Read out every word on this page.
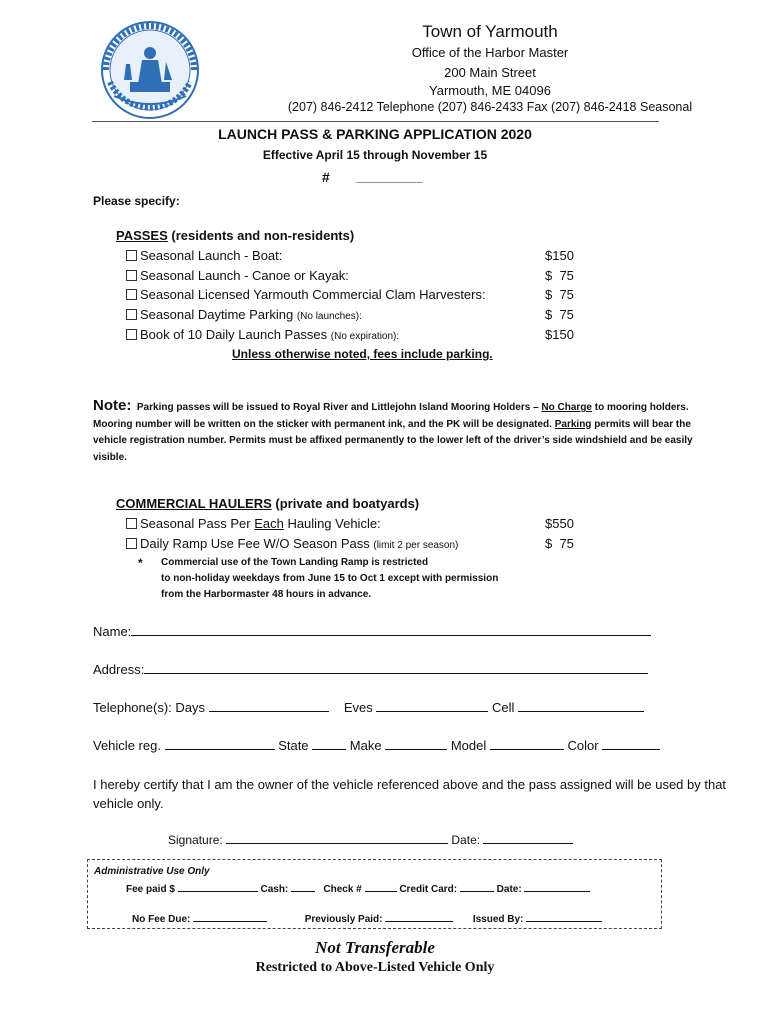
Town of Yarmouth
Office of the Harbor Master
200 Main Street
Yarmouth, ME 04096
(207) 846-2412 Telephone (207) 846-2433 Fax (207) 846-2418 Seasonal
LAUNCH PASS & PARKING APPLICATION 2020
Effective April 15 through November 15
# __________
Please specify:
PASSES (residents and non-residents)
Seasonal Launch - Boat:	$150
Seasonal Launch - Canoe or Kayak:	$  75
Seasonal Licensed Yarmouth Commercial Clam Harvesters:	$  75
Seasonal Daytime Parking (No launches):	$  75
Book of 10 Daily Launch Passes (No expiration):	$150
Unless otherwise noted, fees include parking.
Note: Parking passes will be issued to Royal River and Littlejohn Island Mooring Holders – No Charge to mooring holders. Mooring number will be written on the sticker with permanent ink, and the PK will be designated. Parking permits will bear the vehicle registration number. Permits must be affixed permanently to the lower left of the driver’s side windshield and be easily visible.
COMMERCIAL HAULERS (private and boatyards)
Seasonal Pass Per Each Hauling Vehicle:	$550
Daily Ramp Use Fee W/O Season Pass (limit 2 per season)	$  75
* Commercial use of the Town Landing Ramp is restricted
to non-holiday weekdays from June 15 to Oct 1 except with permission
from the Harbormaster 48 hours in advance.
Name:
Address:
Telephone(s): Days	Eves	Cell
Vehicle reg.	State	Make	Model	Color
I hereby certify that I am the owner of the vehicle referenced above and the pass assigned will be used by that vehicle only.
Signature:	Date:
Administrative Use Only
Fee paid $	Cash:	Check #	Credit Card:	Date:
No Fee Due:	Previously Paid:	Issued By:
Not Transferable
Restricted to Above-Listed Vehicle Only
